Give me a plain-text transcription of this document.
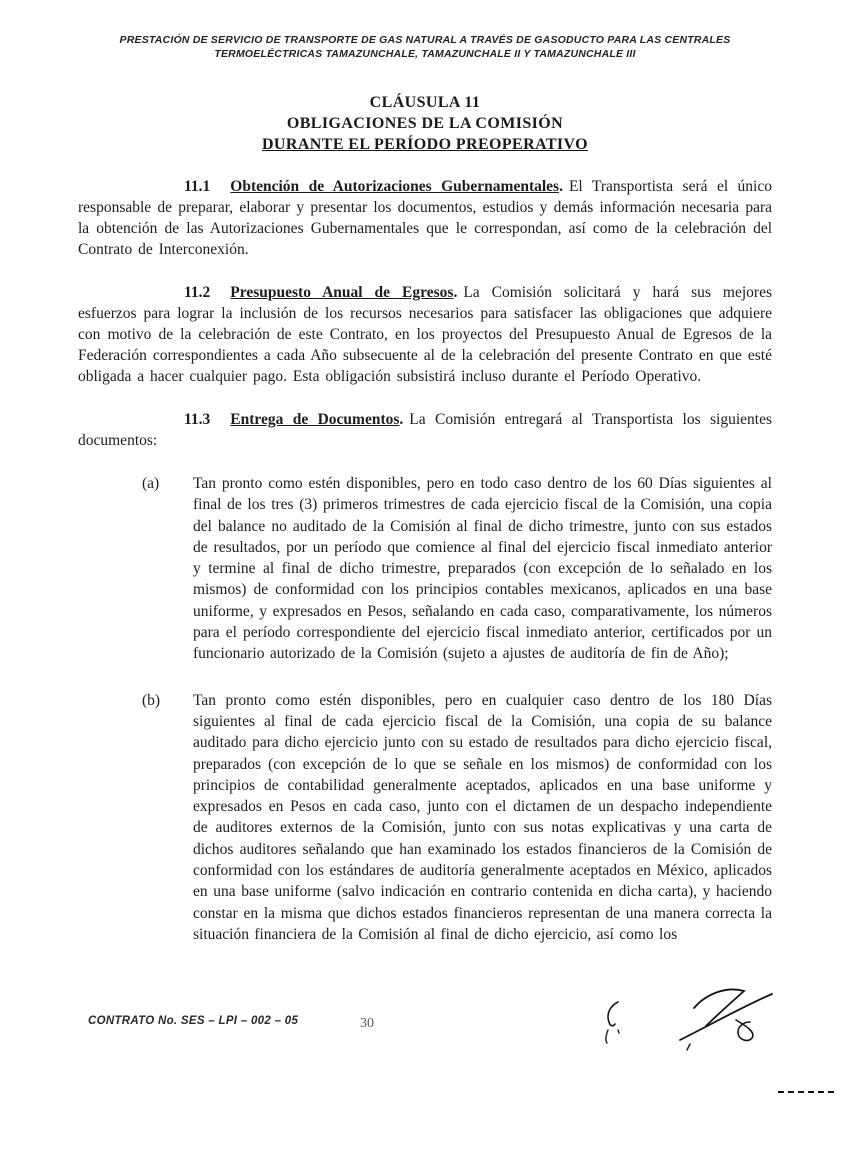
PRESTACIÓN DE SERVICIO DE TRANSPORTE DE GAS NATURAL A TRAVÉS DE GASODUCTO PARA LAS CENTRALES
TERMOELÉCTRICAS TAMAZUNCHALE, TAMAZUNCHALE II Y TAMAZUNCHALE III
CLÁUSULA 11
OBLIGACIONES DE LA COMISIÓN
DURANTE EL PERÍODO PREOPERATIVO

11.1 Obtención de Autorizaciones Gubernamentales. El Transportista será el único responsable de preparar, elaborar y presentar los documentos, estudios y demás información necesaria para la obtención de las Autorizaciones Gubernamentales que le correspondan, así como de la celebración del Contrato de Interconexión.

11.2 Presupuesto Anual de Egresos. La Comisión solicitará y hará sus mejores esfuerzos para lograr la inclusión de los recursos necesarios para satisfacer las obligaciones que adquiere con motivo de la celebración de este Contrato, en los proyectos del Presupuesto Anual de Egresos de la Federación correspondientes a cada Año subsecuente al de la celebración del presente Contrato en que esté obligada a hacer cualquier pago. Esta obligación subsistirá incluso durante el Período Operativo.

11.3 Entrega de Documentos. La Comisión entregará al Transportista los siguientes documentos:

(a) Tan pronto como estén disponibles, pero en todo caso dentro de los 60 Días siguientes al final de los tres (3) primeros trimestres de cada ejercicio fiscal de la Comisión, una copia del balance no auditado de la Comisión al final de dicho trimestre, junto con sus estados de resultados, por un período que comience al final del ejercicio fiscal inmediato anterior y termine al final de dicho trimestre, preparados (con excepción de lo señalado en los mismos) de conformidad con los principios contables mexicanos, aplicados en una base uniforme, y expresados en Pesos, señalando en cada caso, comparativamente, los números para el período correspondiente del ejercicio fiscal inmediato anterior, certificados por un funcionario autorizado de la Comisión (sujeto a ajustes de auditoría de fin de Año);
(b) Tan pronto como estén disponibles, pero en cualquier caso dentro de los 180 Días siguientes al final de cada ejercicio fiscal de la Comisión, una copia de su balance auditado para dicho ejercicio junto con su estado de resultados para dicho ejercicio fiscal, preparados (con excepción de lo que se señale en los mismos) de conformidad con los principios de contabilidad generalmente aceptados, aplicados en una base uniforme y expresados en Pesos en cada caso, junto con el dictamen de un despacho independiente de auditores externos de la Comisión, junto con sus notas explicativas y una carta de dichos auditores señalando que han examinado los estados financieros de la Comisión de conformidad con los estándares de auditoría generalmente aceptados en México, aplicados en una base uniforme (salvo indicación en contrario contenida en dicha carta), y haciendo constar en la misma que dichos estados financieros representan de una manera correcta la situación financiera de la Comisión al final de dicho ejercicio, así como los
CONTRATO No. SES – LPI – 002 – 05	30
